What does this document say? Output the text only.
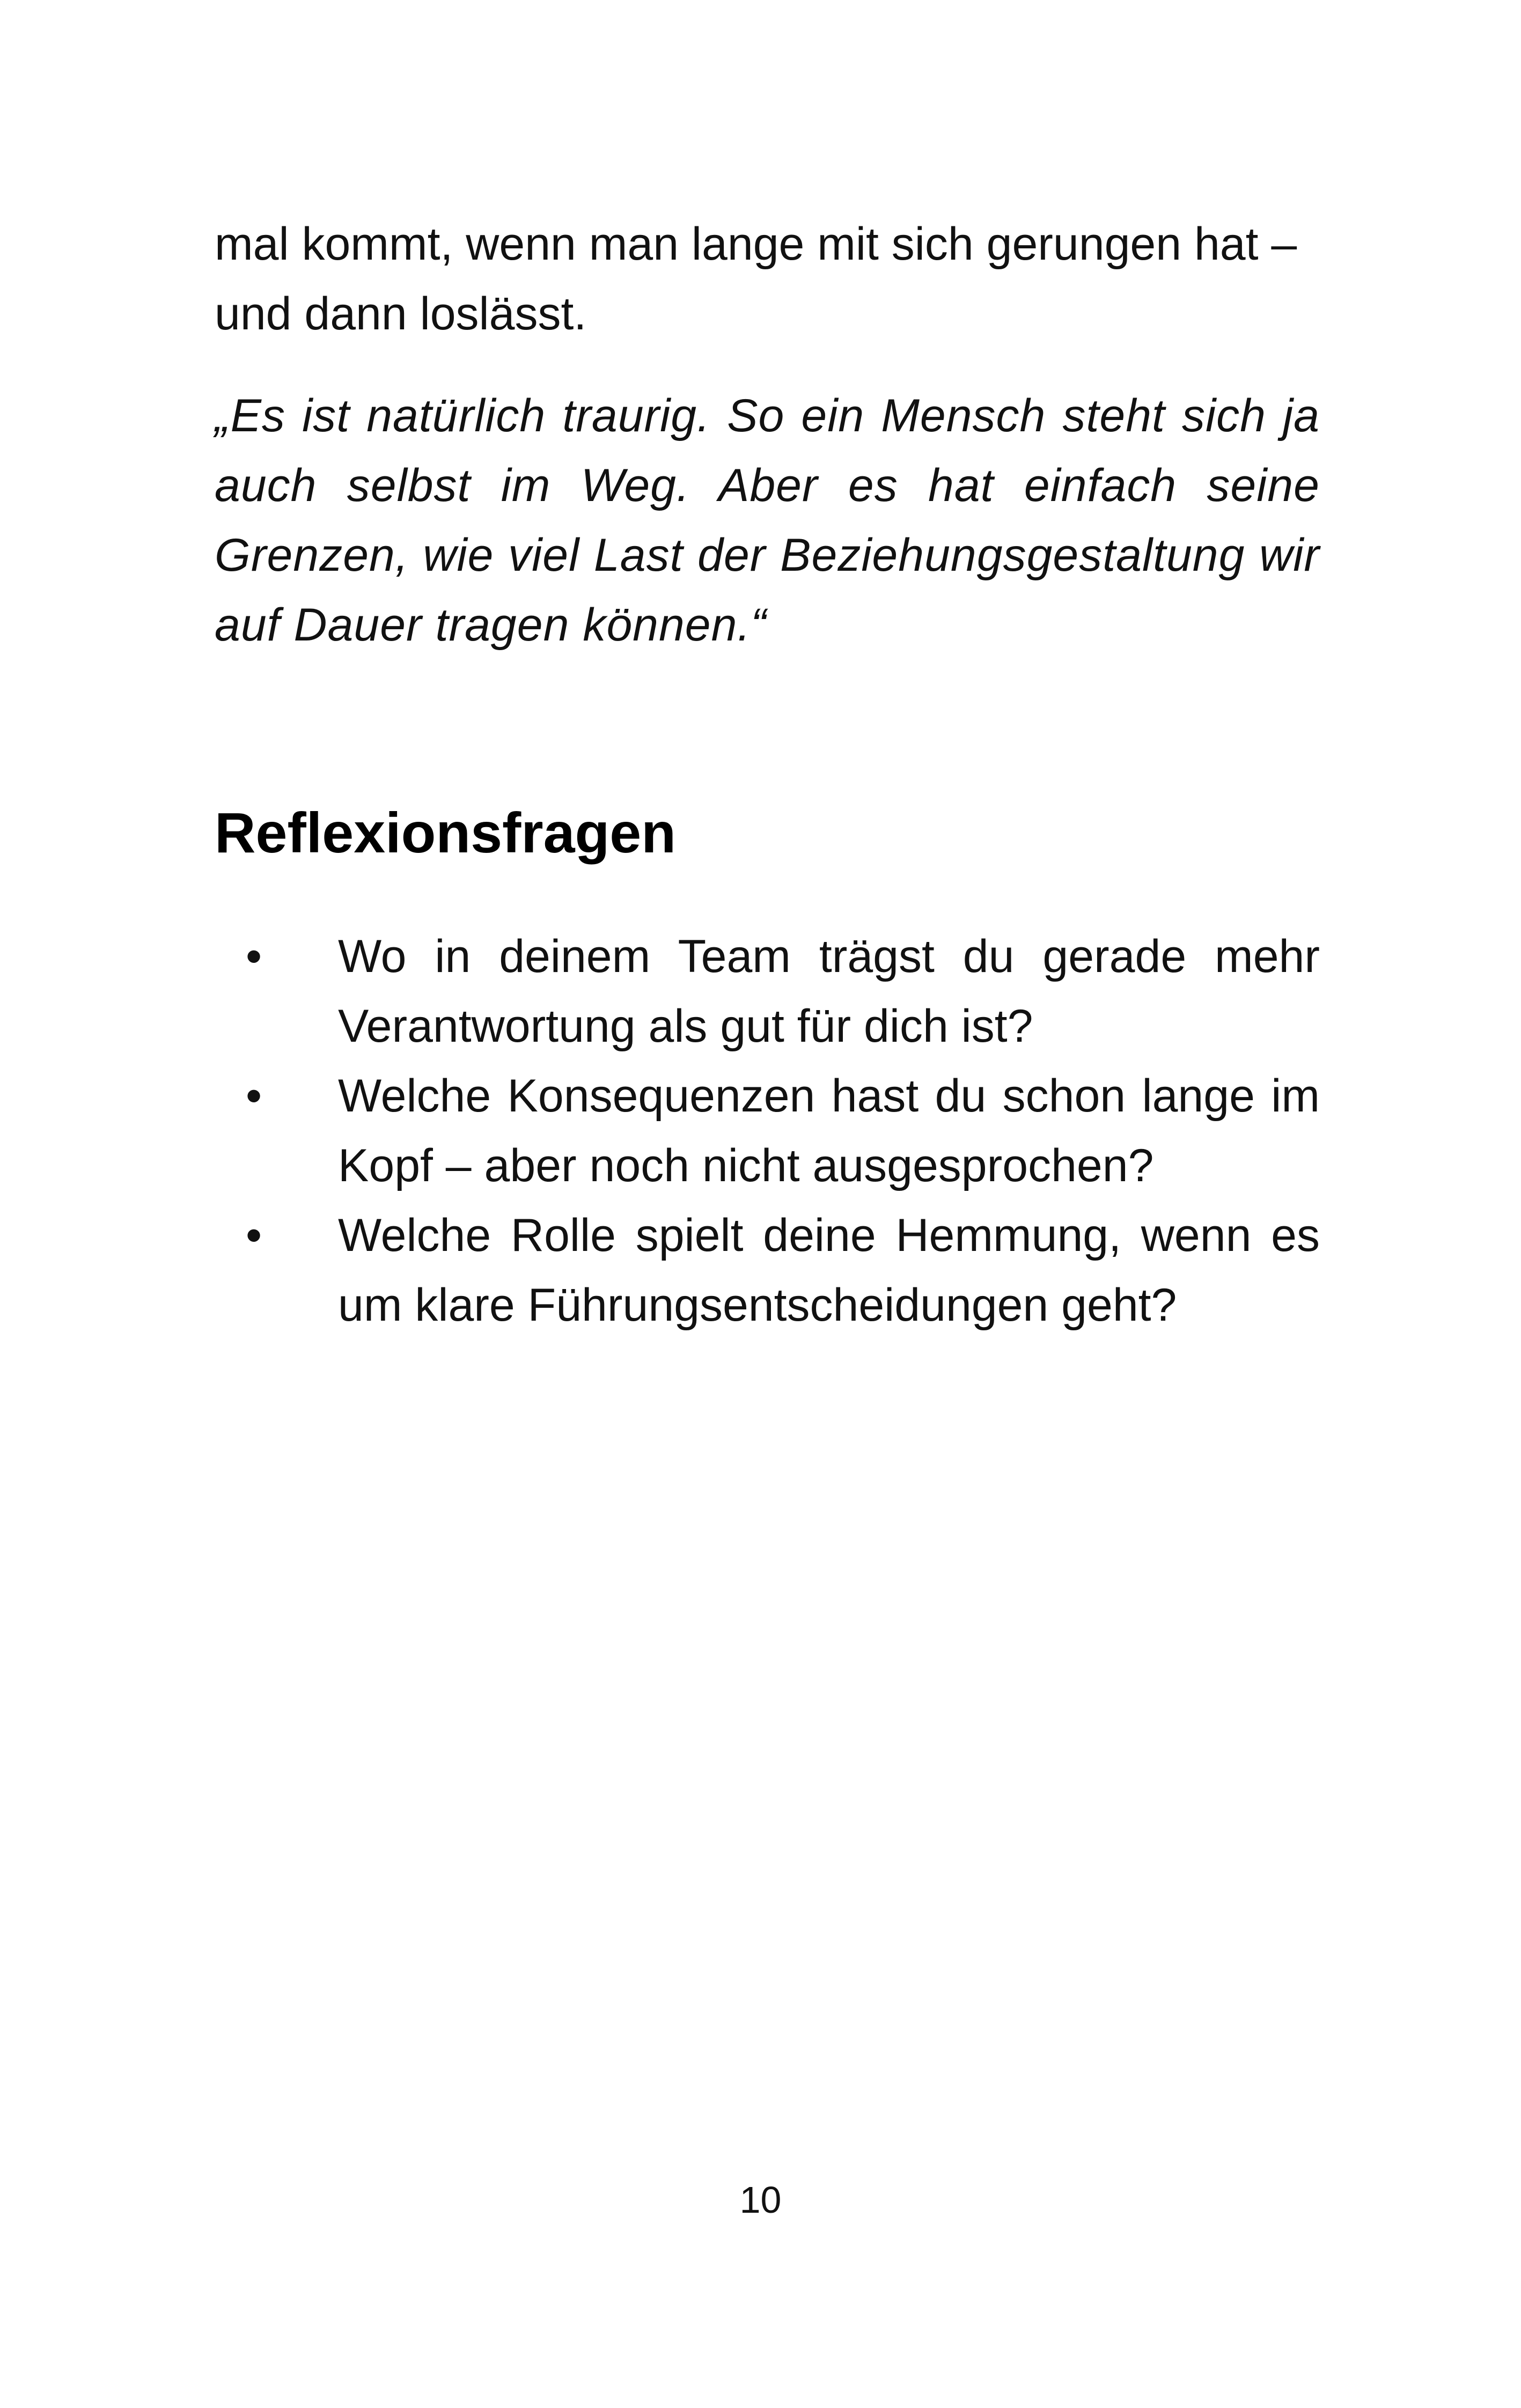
mal kommt, wenn man lange mit sich gerungen hat – und dann loslässt.

„Es ist natürlich traurig. So ein Mensch steht sich ja auch selbst im Weg. Aber es hat einfach seine Grenzen, wie viel Last der Beziehungsgestaltung wir auf Dauer tragen können.“

Reflexionsfragen
• Wo in deinem Team trägst du gerade mehr Verantwortung als gut für dich ist?
• Welche Konsequenzen hast du schon lange im Kopf – aber noch nicht ausgesprochen?
• Welche Rolle spielt deine Hemmung, wenn es um klare Führungsentscheidungen geht?
10
